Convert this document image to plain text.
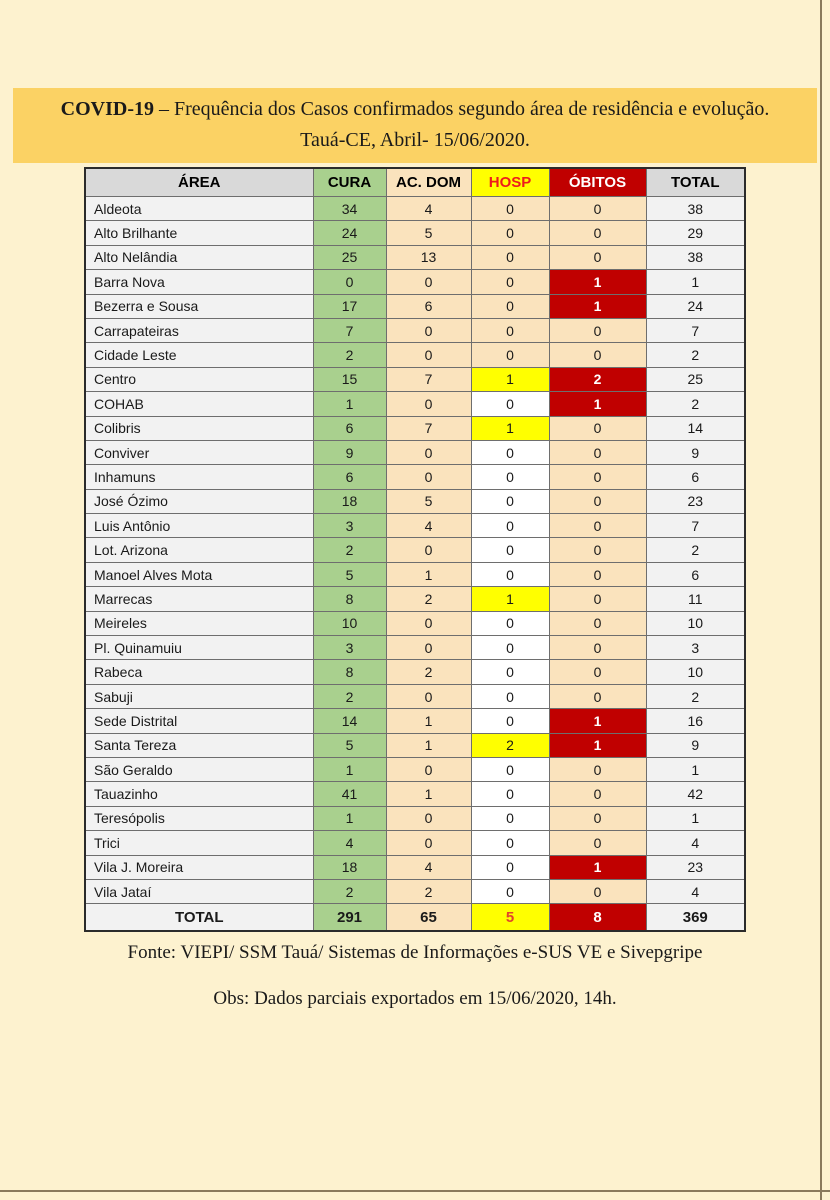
COVID-19 – Frequência dos Casos confirmados segundo área de residência e evolução.
Tauá-CE, Abril- 15/06/2020.
ÁREA	CURA	AC. DOM	HOSP	ÓBITOS	TOTAL
Aldeota	34	4	0	0	38
Alto Brilhante	24	5	0	0	29
Alto Nelândia	25	13	0	0	38
Barra Nova	0	0	0	1	1
Bezerra e Sousa	17	6	0	1	24
Carrapateiras	7	0	0	0	7
Cidade Leste	2	0	0	0	2
Centro	15	7	1	2	25
COHAB	1	0	0	1	2
Colibris	6	7	1	0	14
Conviver	9	0	0	0	9
Inhamuns	6	0	0	0	6
José Ózimo	18	5	0	0	23
Luis Antônio	3	4	0	0	7
Lot. Arizona	2	0	0	0	2
Manoel Alves Mota	5	1	0	0	6
Marrecas	8	2	1	0	11
Meireles	10	0	0	0	10
Pl. Quinamuiu	3	0	0	0	3
Rabeca	8	2	0	0	10
Sabuji	2	0	0	0	2
Sede Distrital	14	1	0	1	16
Santa Tereza	5	1	2	1	9
São Geraldo	1	0	0	0	1
Tauazinho	41	1	0	0	42
Teresópolis	1	0	0	0	1
Trici	4	0	0	0	4
Vila J. Moreira	18	4	0	1	23
Vila Jataí	2	2	0	0	4
TOTAL	291	65	5	8	369
Fonte: VIEPI/ SSM Tauá/ Sistemas de Informações e-SUS VE e Sivepgripe
Obs: Dados parciais exportados em 15/06/2020, 14h.
